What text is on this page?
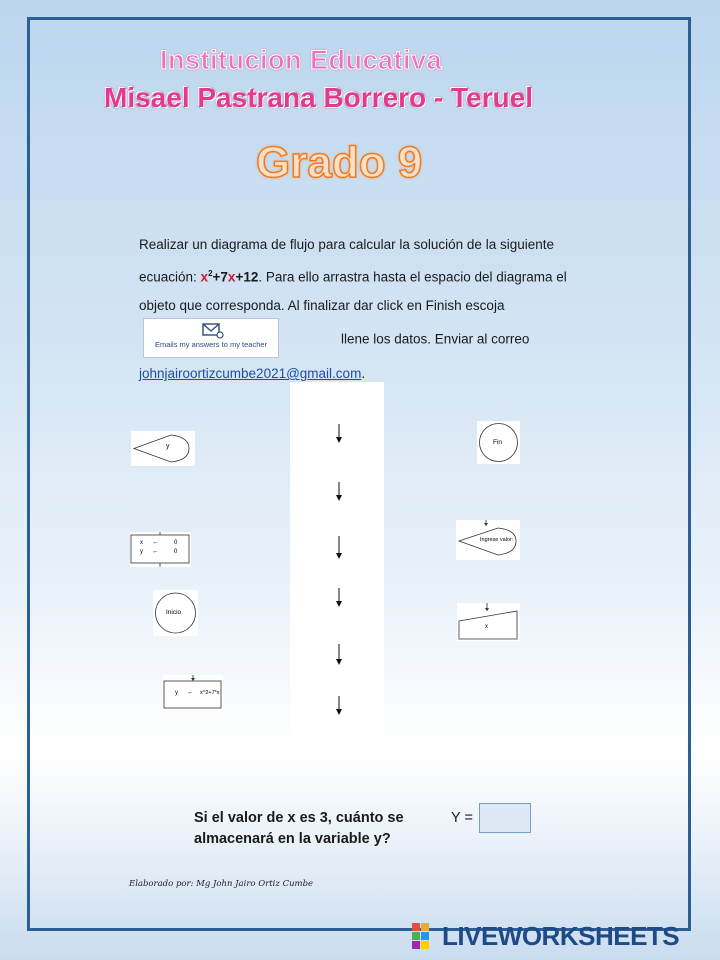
Institucion Educativa
Misael Pastrana Borrero - Teruel
Grado 9
Realizar un diagrama de flujo para calcular la solución de la siguiente ecuación: $x^2+7x+12$. Para ello arrastra hasta el espacio del diagrama el objeto que corresponda. Al finalizar dar click en Finish escoja
Emails my answers to my teacher	llene los datos. Enviar al correo johnjairoortizcumbe2021@gmail.com.
y
x ←	0
y ←	0
Inicio
y ← x^2+7*x
Fin
Ingrese valor:
x
Si el valor de x es 3, cuánto se almacenará en la variable y?
Y =
Elaborado por: Mg John Jairo Ortiz Cumbe
LIVEWORKSHEETS
